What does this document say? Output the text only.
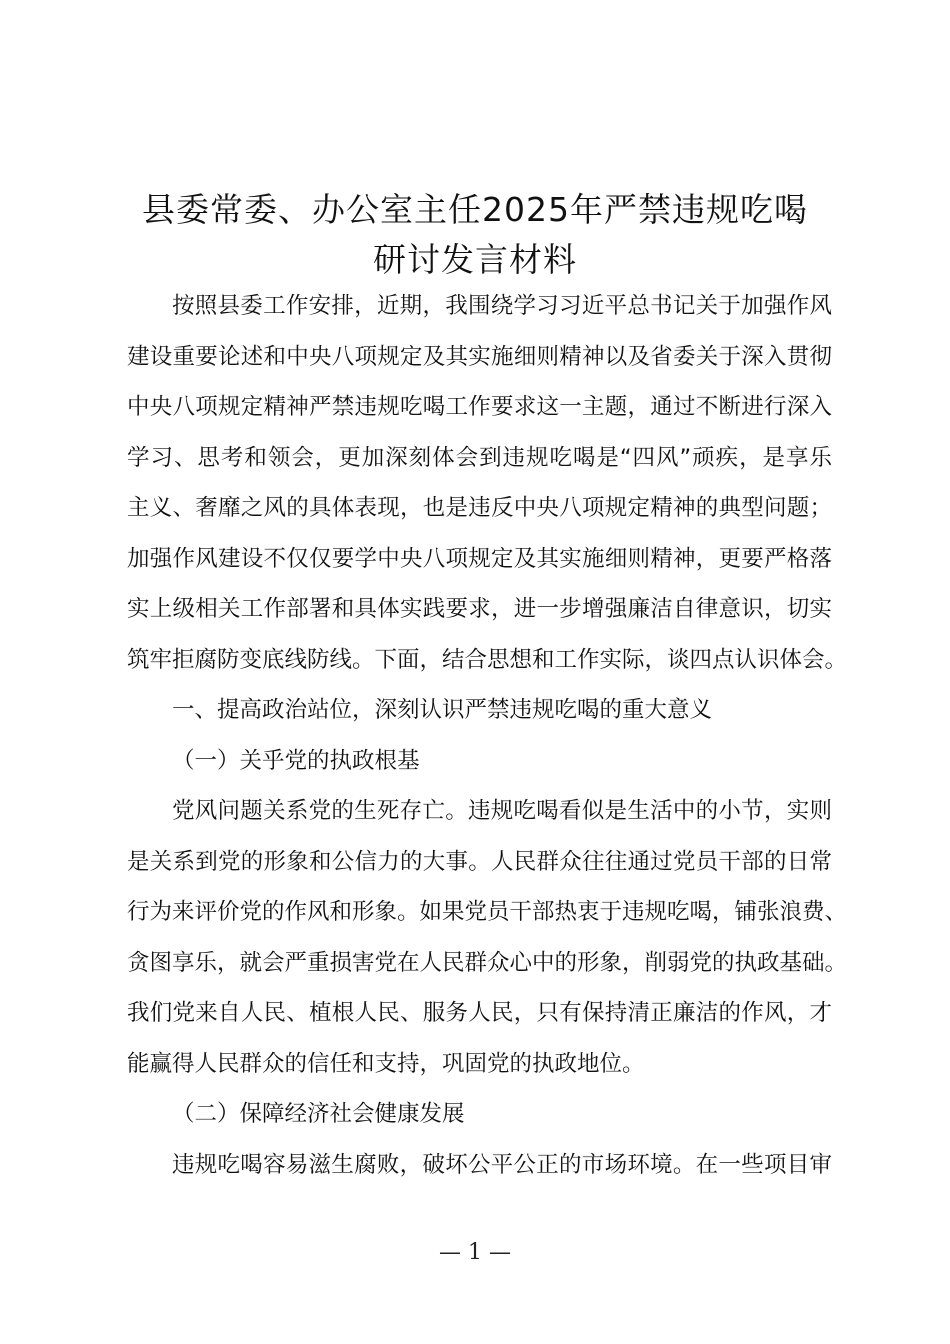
县委常委、办公室主任2025年严禁违规吃喝
研讨发言材料
按照县委工作安排，近期，我围绕学习习近平总书记关于加强作风
建设重要论述和中央八项规定及其实施细则精神以及省委关于深入贯彻
中央八项规定精神严禁违规吃喝工作要求这一主题，通过不断进行深入
学习、思考和领会，更加深刻体会到违规吃喝是“四风”顽疾，是享乐
主义、奢靡之风的具体表现，也是违反中央八项规定精神的典型问题；
加强作风建设不仅仅要学中央八项规定及其实施细则精神，更要严格落
实上级相关工作部署和具体实践要求，进一步增强廉洁自律意识，切实
筑牢拒腐防变底线防线。下面，结合思想和工作实际，谈四点认识体会。
一、提高政治站位，深刻认识严禁违规吃喝的重大意义
（一）关乎党的执政根基
党风问题关系党的生死存亡。违规吃喝看似是生活中的小节，实则
是关系到党的形象和公信力的大事。人民群众往往通过党员干部的日常
行为来评价党的作风和形象。如果党员干部热衷于违规吃喝，铺张浪费、
贪图享乐，就会严重损害党在人民群众心中的形象，削弱党的执政基础。
我们党来自人民、植根人民、服务人民，只有保持清正廉洁的作风，才
能赢得人民群众的信任和支持，巩固党的执政地位。
（二）保障经济社会健康发展
违规吃喝容易滋生腐败，破坏公平公正的市场环境。在一些项目审
— 1 —
